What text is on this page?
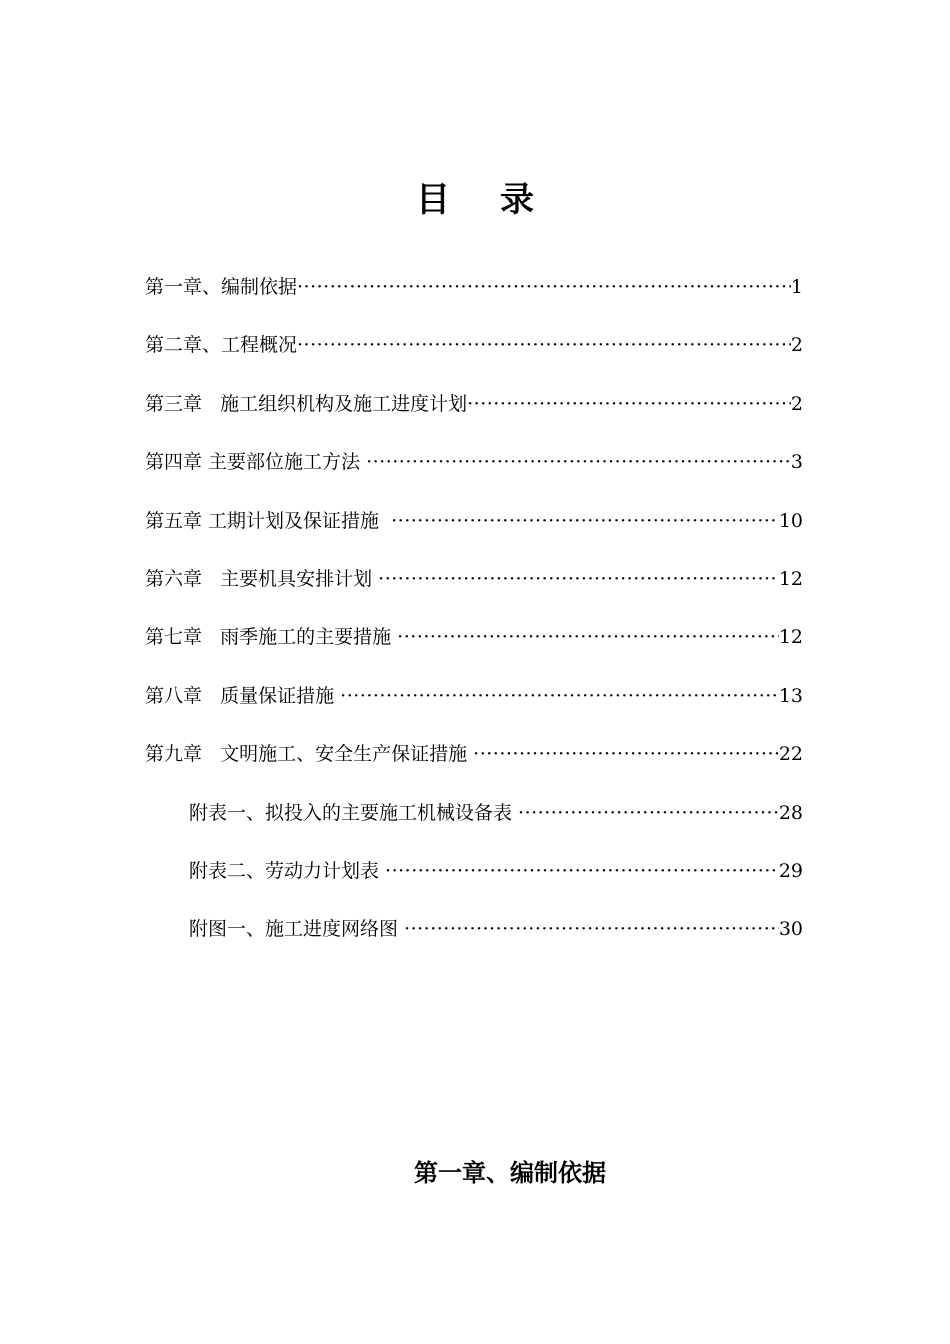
目 录
第一章、编制依据 ·····	1
第二章、工程概况 ·····	2
第三章   施工组织机构及施工进度计划 ·····	2
第四章 主要部位施工方法 ·····	3
第五章 工期计划及保证措施 ·····	10
第六章   主要机具安排计划 ·····	12
第七章   雨季施工的主要措施 ·····	12
第八章   质量保证措施 ·····	13
第九章   文明施工、安全生产保证措施 ·····	22
附表一、拟投入的主要施工机械设备表 ·····	28
附表二、劳动力计划表 ·····	29
附图一、施工进度网络图 ·····	30
第一章、编制依据
